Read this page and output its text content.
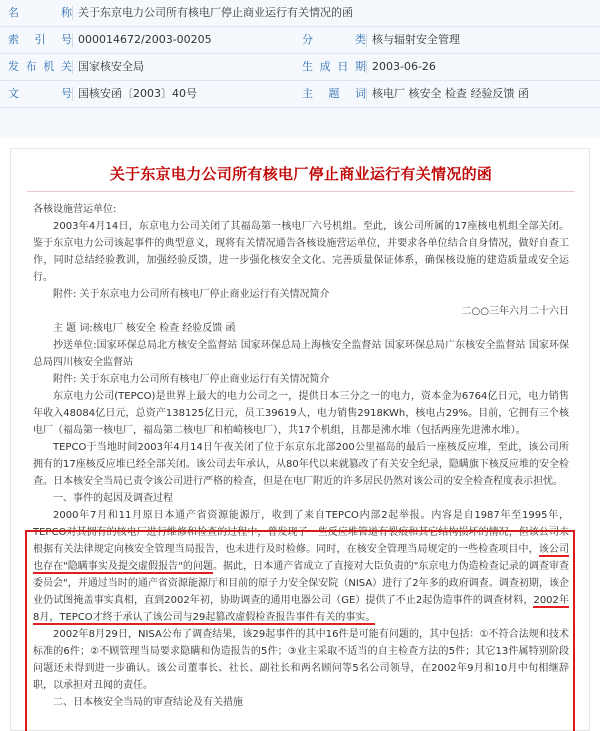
名 称 关于东京电力公司所有核电厂停止商业运行有关情况的函
索 引 号 000014672/2003-00205	分 类 核与辐射安全管理
发布机关 国家核安全局	生成日期 2003-06-26
文 号 国核安函〔2003〕40号	主 题 词 核电厂 核安全 检查 经验反馈 函
关于东京电力公司所有核电厂停止商业运行有关情况的函
各核设施营运单位:
2003年4月14日，东京电力公司关闭了其福岛第一核电厂六号机组。至此，该公司所属的17座核电机组全部关闭。鉴于东京电力公司该起事件的典型意义，现将有关情况通告各核设施营运单位，并要求各单位结合自身情况，做好自查工作，同时总结经验教训，加强经验反馈，进一步强化核安全文化、完善质量保证体系，确保核设施的建造质量或安全运行。
附件: 关于东京电力公司所有核电厂停止商业运行有关情况简介
二○○三年六月二十六日
主 题 词:核电厂 核安全 检查 经验反馈 函
抄送单位:国家环保总局北方核安全监督站 国家环保总局上海核安全监督站 国家环保总局广东核安全监督站 国家环保总局四川核安全监督站
附件: 关于东京电力公司所有核电厂停止商业运行有关情况简介
东京电力公司(TEPCO)是世界上最大的电力公司之一，提供日本三分之一的电力，资本金为6764亿日元，电力销售年收入48084亿日元，总资产138125亿日元，员工39619人，电力销售2918KWh，核电占29%。目前，它拥有三个核电厂（福岛第一核电厂，福岛第二核电厂和柏崎核电厂），共17个机组，且都是沸水堆（包括两座先进沸水堆）。
TEPCO于当地时间2003年4月14日午夜关闭了位于东京东北部200公里福岛的最后一座核反应堆，至此，该公司所拥有的17座核反应堆已经全部关闭。该公司去年承认，从80年代以来就篡改了有关安全纪录，隐瞒旗下核反应堆的安全检查。日本核安全当局已责令该公司进行严格的检查，但是在电厂附近的许多居民仍然对该公司的安全检查程度表示担忧。
一、事件的起因及调查过程
2000年7月和11月原日本通产省资源能源厅，收到了来自TEPCO内部2起举报。内容是自1987年至1995年，TEPCO对其拥有的核电厂进行维修和检查的过程中，曾发现了一些反应堆管道有裂痕和其它结构损坏的情况，但该公司未根据有关法律规定向核安全管理当局报告，也未进行及时检修。同时，在核安全管理当局规定的一些检查项目中，该公司也存在"隐瞒事实及提交虚假报告"的问题。据此，日本通产省成立了直接对大臣负责的"东京电力伪造检查记录的调查审查委员会"，并通过当时的通产省资源能源厅和目前的原子力安全保安院（NISA）进行了2年多的政府调查。调查初期，该企业仍试图掩盖事实真相，直到2002年初，协助调查的通用电器公司（GE）提供了不止2起伪造事件的调查材料，2002年8月，TEPCO才终于承认了该公司与29起篡改虚假检查报告事件有关的事实。
2002年8月29日，NISA公布了调查结果，该29起事件的其中16件是可能有问题的，其中包括：①不符合法规和技术标准的6件；②不顾管理当局要求隐瞒和伪造报告的5件；③业主采取不适当的自主检查方法的5件；其它13件属特别阶段问题还未得到进一步确认。该公司董事长、社长、副社长和两名顾问等5名公司领导，在2002年9月和10月中旬相继辞职，以承担对丑闻的责任。
二、日本核安全当局的审查结论及有关措施
